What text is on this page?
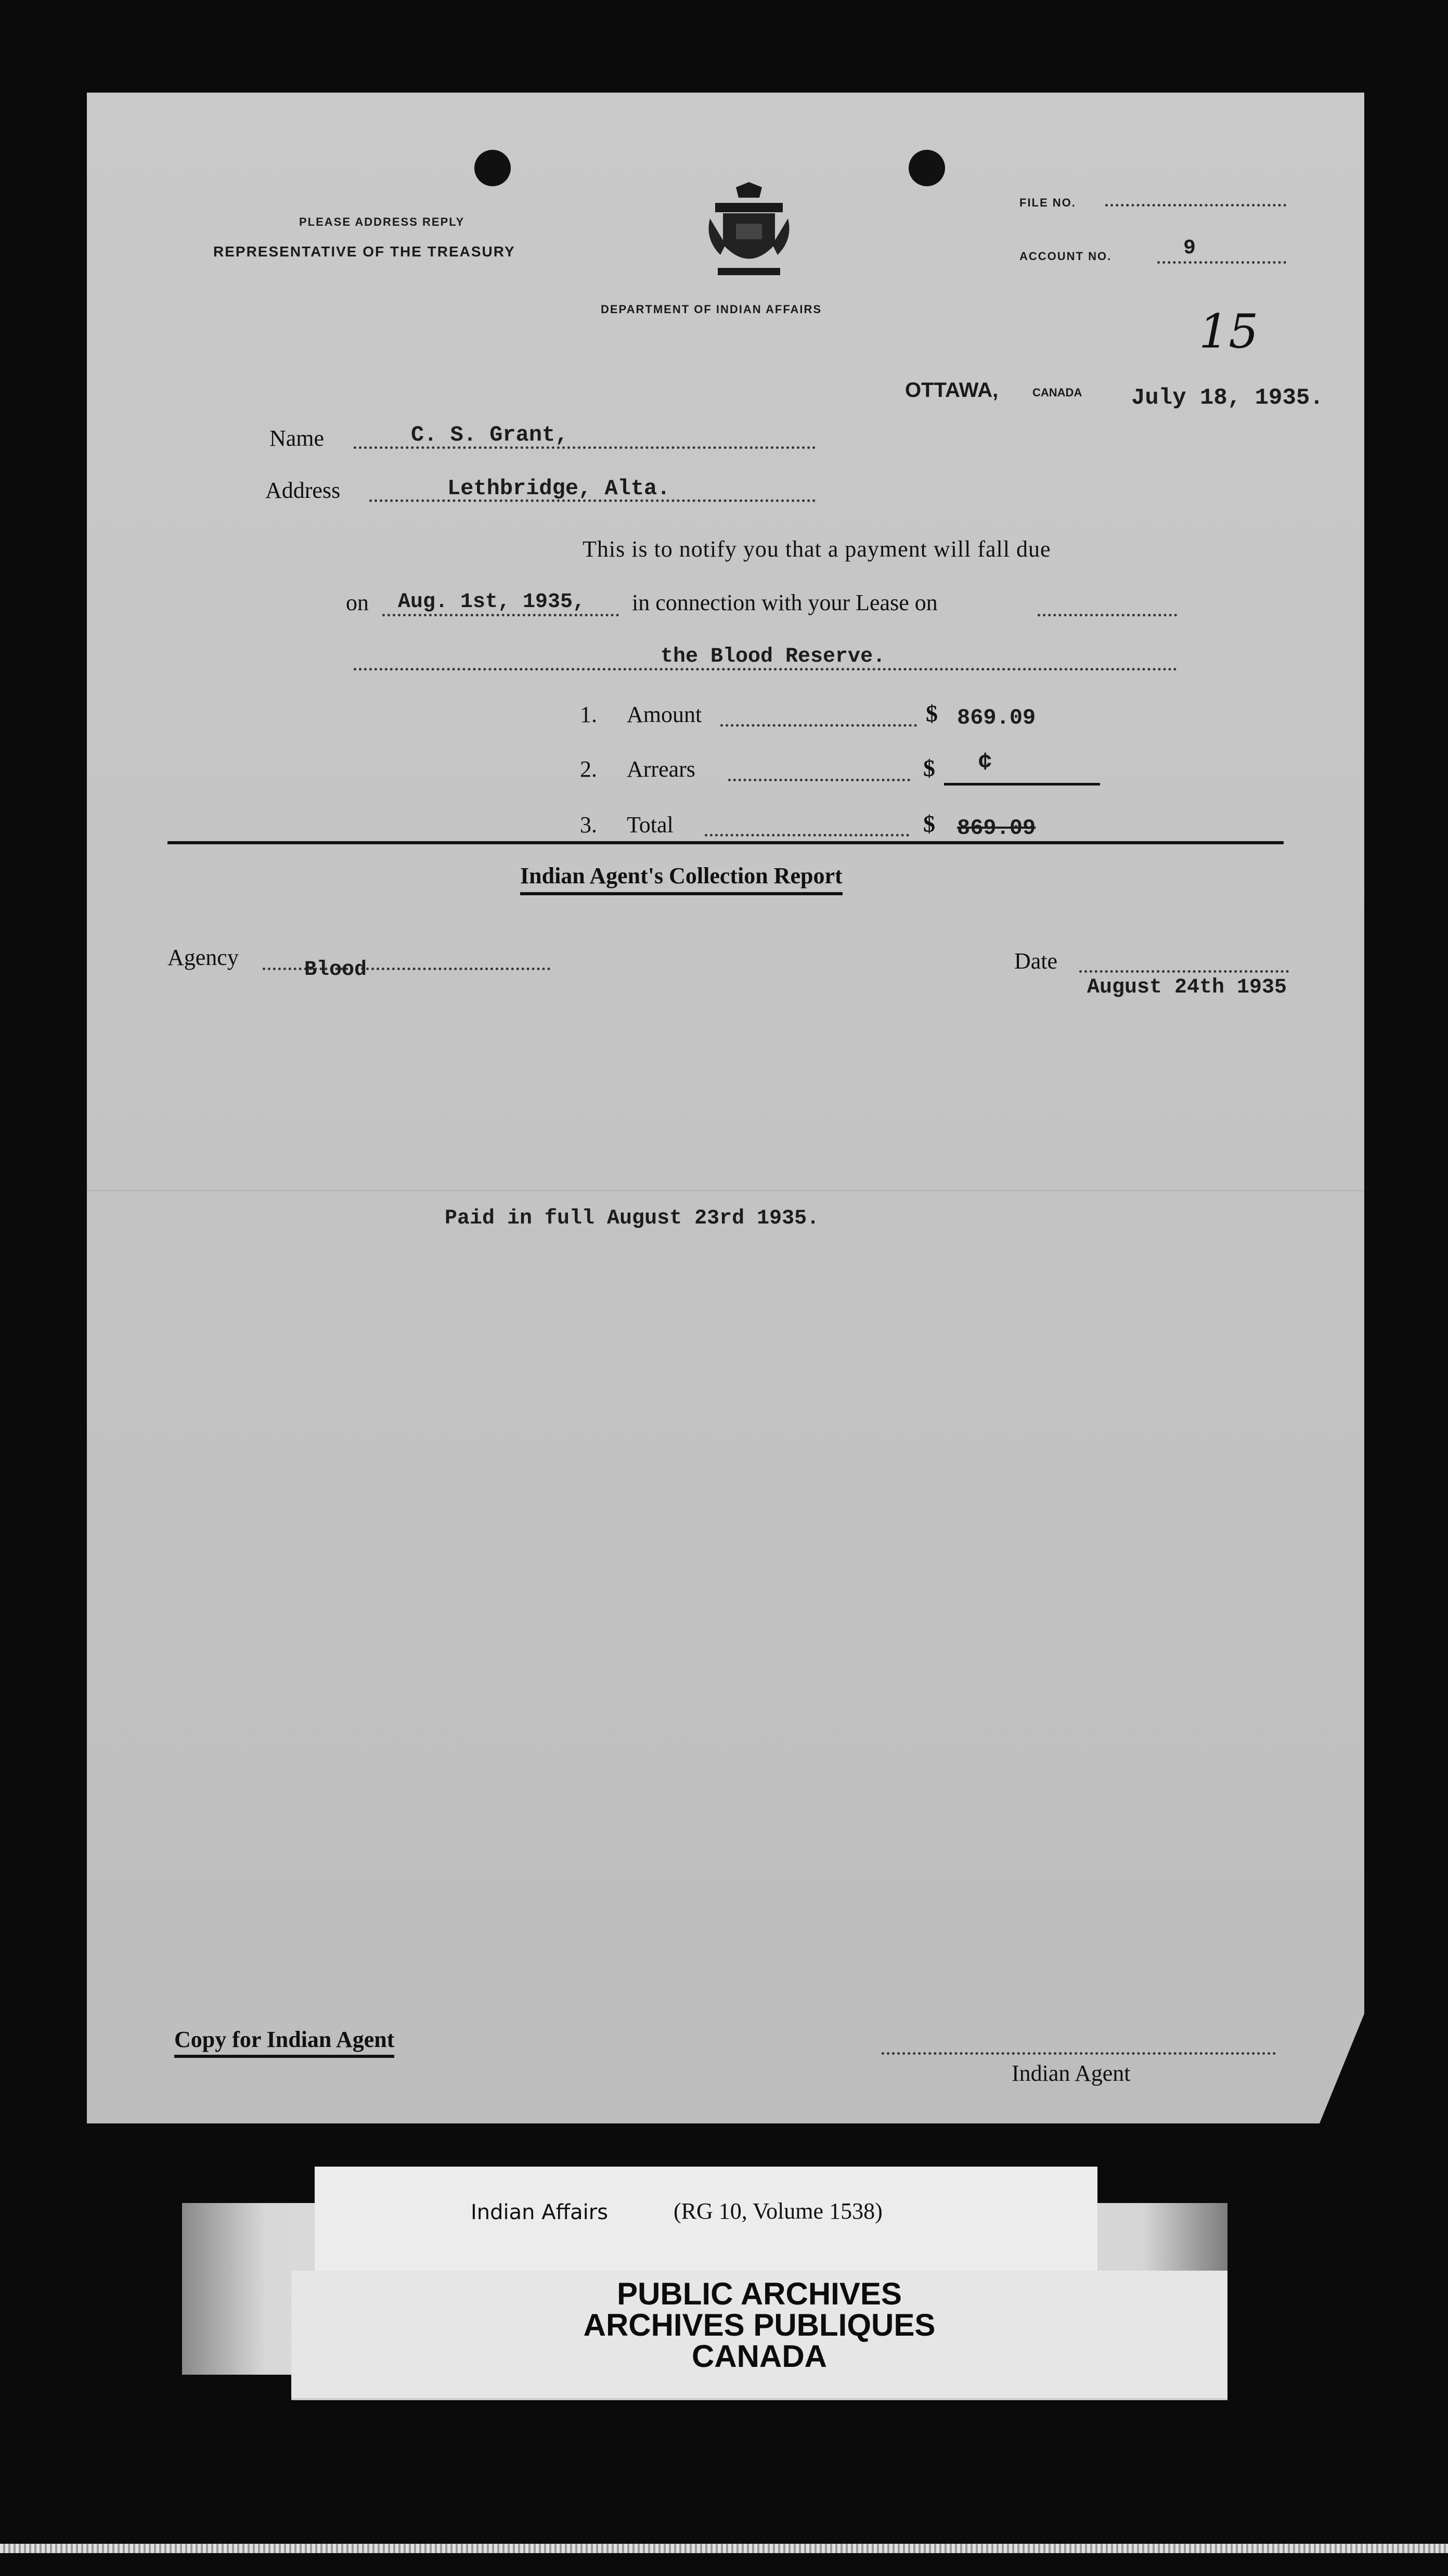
PLEASE ADDRESS REPLY
REPRESENTATIVE OF THE TREASURY
DEPARTMENT OF INDIAN AFFAIRS
FILE NO.
ACCOUNT NO.	9
15
OTTAWA,	CANADA July 18, 1935.
Name	C. S. Grant,
Address	Lethbridge, Alta.
This is to notify you that a payment will fall due
on Aug. 1st, 1935, in connection with your Lease on
the Blood Reserve.
1. Amount	$ 869.09
2. Arrears	$ ¢
3. Total	$ 869.09
Indian Agent's Collection Report
Agency	Blood	Date
August 24th 1935
Paid in full August 23rd 1935.
Copy for Indian Agent
Indian Agent
Indian Affairs	(RG 10, Volume 1538)
PUBLIC ARCHIVES
ARCHIVES PUBLIQUES
CANADA
